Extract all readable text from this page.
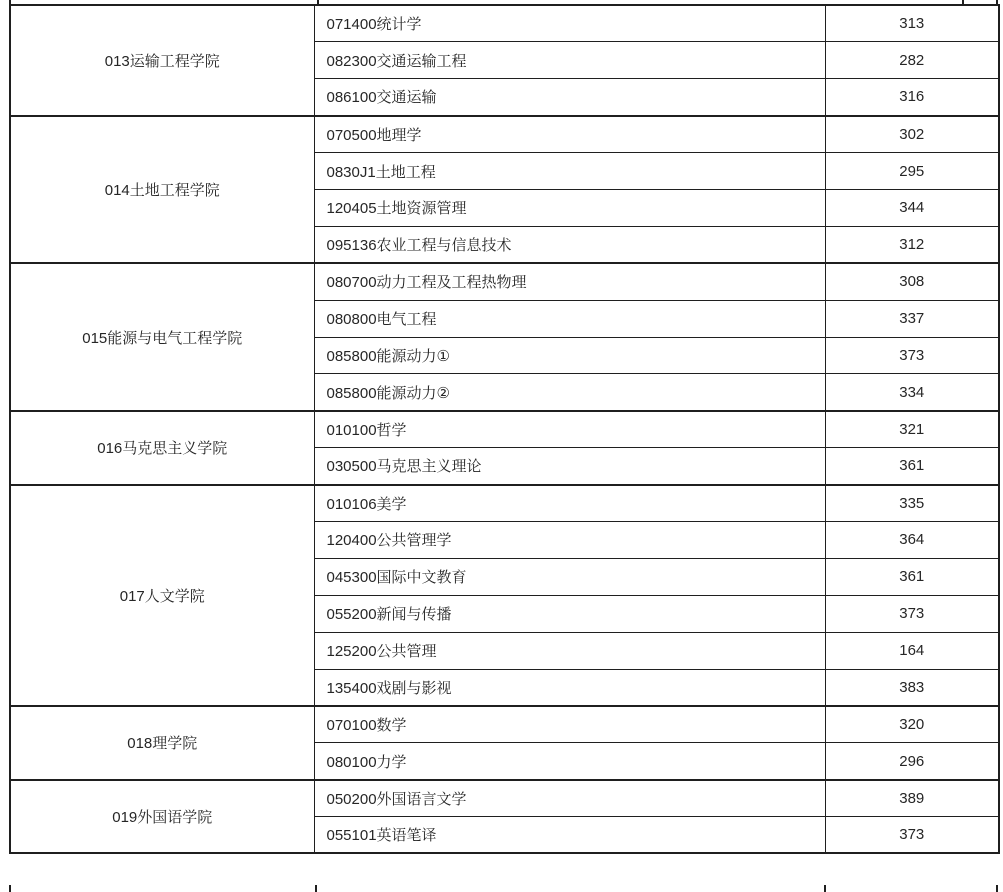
013运输工程学院	071400统计学	313
	082300交通运输工程	282
	086100交通运输	316
014土地工程学院	070500地理学	302
	0830J1土地工程	295
	120405土地资源管理	344
	095136农业工程与信息技术	312
015能源与电气工程学院	080700动力工程及工程热物理	308
	080800电气工程	337
	085800能源动力①	373
	085800能源动力②	334
016马克思主义学院	010100哲学	321
	030500马克思主义理论	361
017人文学院	010106美学	335
	120400公共管理学	364
	045300国际中文教育	361
	055200新闻与传播	373
	125200公共管理	164
	135400戏剧与影视	383
018理学院	070100数学	320
	080100力学	296
019外国语学院	050200外国语言文学	389
	055101英语笔译	373
